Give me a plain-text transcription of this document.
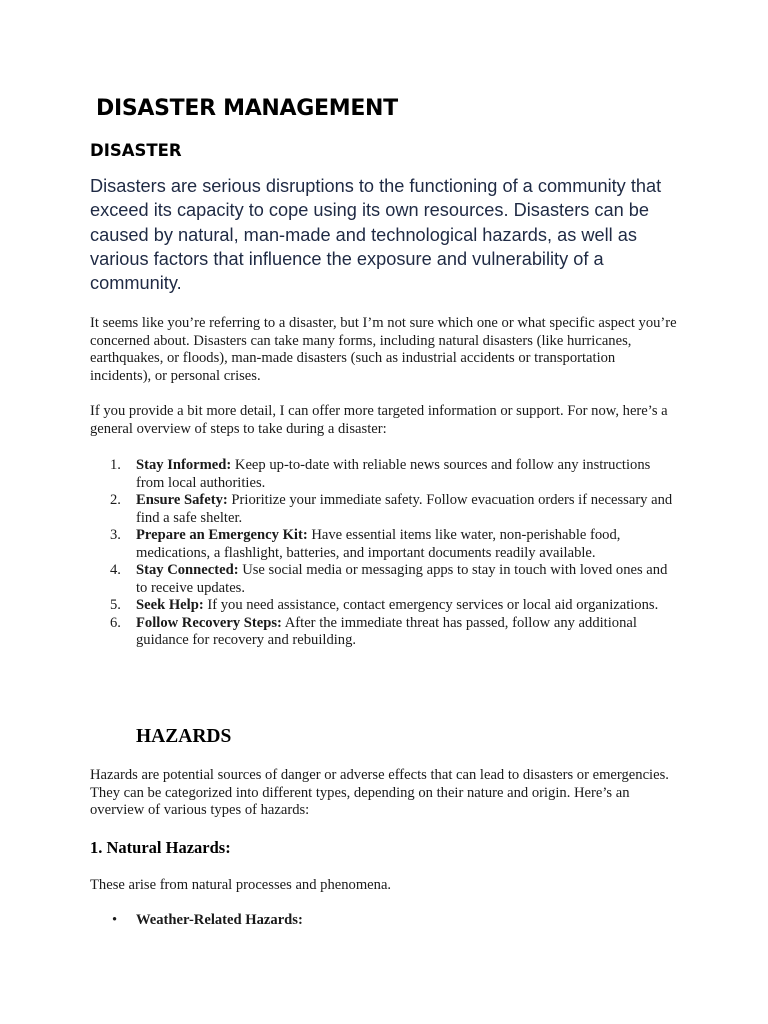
DISASTER MANAGEMENT
DISASTER

Disasters are serious disruptions to the functioning of a community that exceed its capacity to cope using its own resources. Disasters can be caused by natural, man-made and technological hazards, as well as various factors that influence the exposure and vulnerability of a community.

It seems like you’re referring to a disaster, but I’m not sure which one or what specific aspect you’re concerned about. Disasters can take many forms, including natural disasters (like hurricanes, earthquakes, or floods), man-made disasters (such as industrial accidents or transportation incidents), or personal crises.

If you provide a bit more detail, I can offer more targeted information or support. For now, here’s a general overview of steps to take during a disaster:

1. Stay Informed: Keep up-to-date with reliable news sources and follow any instructions from local authorities.
2. Ensure Safety: Prioritize your immediate safety. Follow evacuation orders if necessary and find a safe shelter.
3. Prepare an Emergency Kit: Have essential items like water, non-perishable food, medications, a flashlight, batteries, and important documents readily available.
4. Stay Connected: Use social media or messaging apps to stay in touch with loved ones and to receive updates.
5. Seek Help: If you need assistance, contact emergency services or local aid organizations.
6. Follow Recovery Steps: After the immediate threat has passed, follow any additional guidance for recovery and rebuilding.
HAZARDS

Hazards are potential sources of danger or adverse effects that can lead to disasters or emergencies. They can be categorized into different types, depending on their nature and origin. Here’s an overview of various types of hazards:

1. Natural Hazards:

These arise from natural processes and phenomena.

• Weather-Related Hazards:
